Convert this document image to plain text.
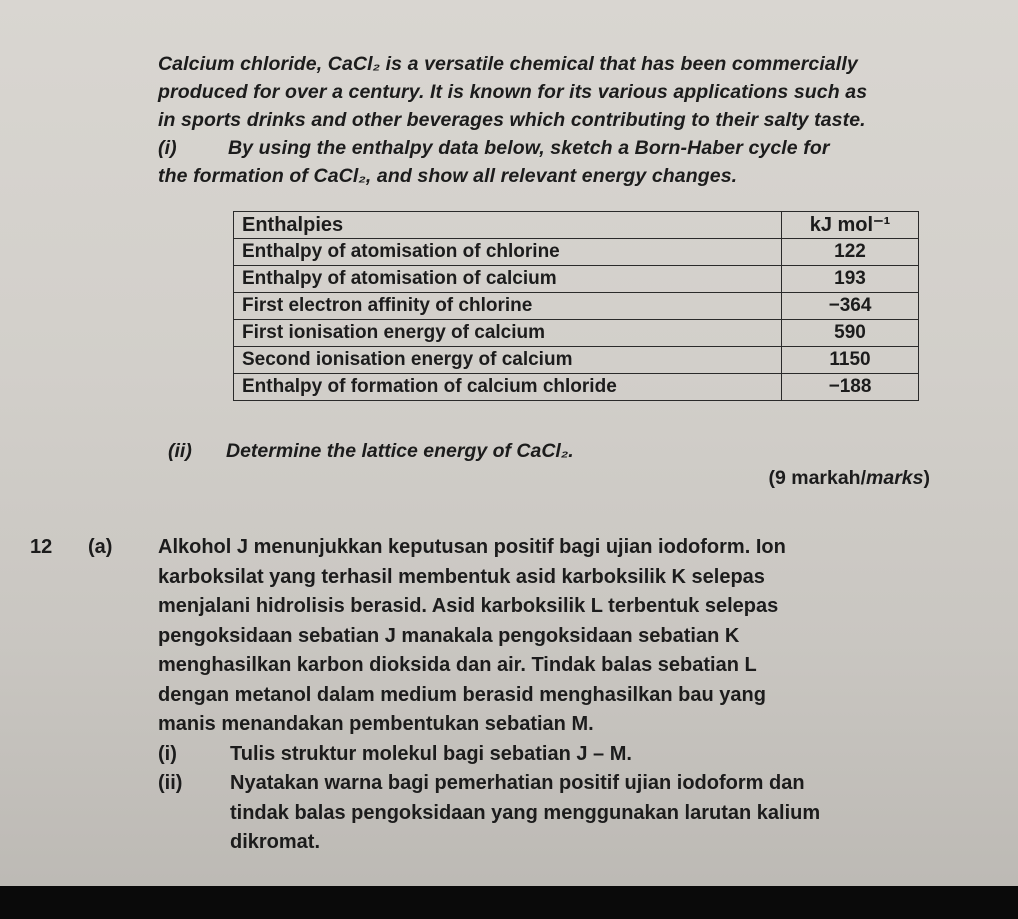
Calcium chloride, CaCl₂ is a versatile chemical that has been commercially

produced for over a century. It is known for its various applications such as

in sports drinks and other beverages which contributing to their salty taste.

(i)	By using the enthalpy data below, sketch a Born-Haber cycle for

the formation of CaCl₂, and show all relevant energy changes.

Enthalpies	kJ mol⁻¹
Enthalpy of atomisation of chlorine	122
Enthalpy of atomisation of calcium	193
First electron affinity of chlorine	−364
First ionisation energy of calcium	590
Second ionisation energy of calcium	1150
Enthalpy of formation of calcium chloride	−188
(ii)	Determine the lattice energy of CaCl₂.
(9 markah/marks)
12	(a)	Alkohol J menunjukkan keputusan positif bagi ujian iodoform. Ion
karboksilat yang terhasil membentuk asid karboksilik K selepas
menjalani hidrolisis berasid. Asid karboksilik L terbentuk selepas
pengoksidaan sebatian J manakala pengoksidaan sebatian K
menghasilkan karbon dioksida dan air. Tindak balas sebatian L
dengan metanol dalam medium berasid menghasilkan bau yang
manis menandakan pembentukan sebatian M.
(i)	Tulis struktur molekul bagi sebatian J – M.
(ii)	Nyatakan warna bagi pemerhatian positif ujian iodoform dan
tindak balas pengoksidaan yang menggunakan larutan kalium
dikromat.
